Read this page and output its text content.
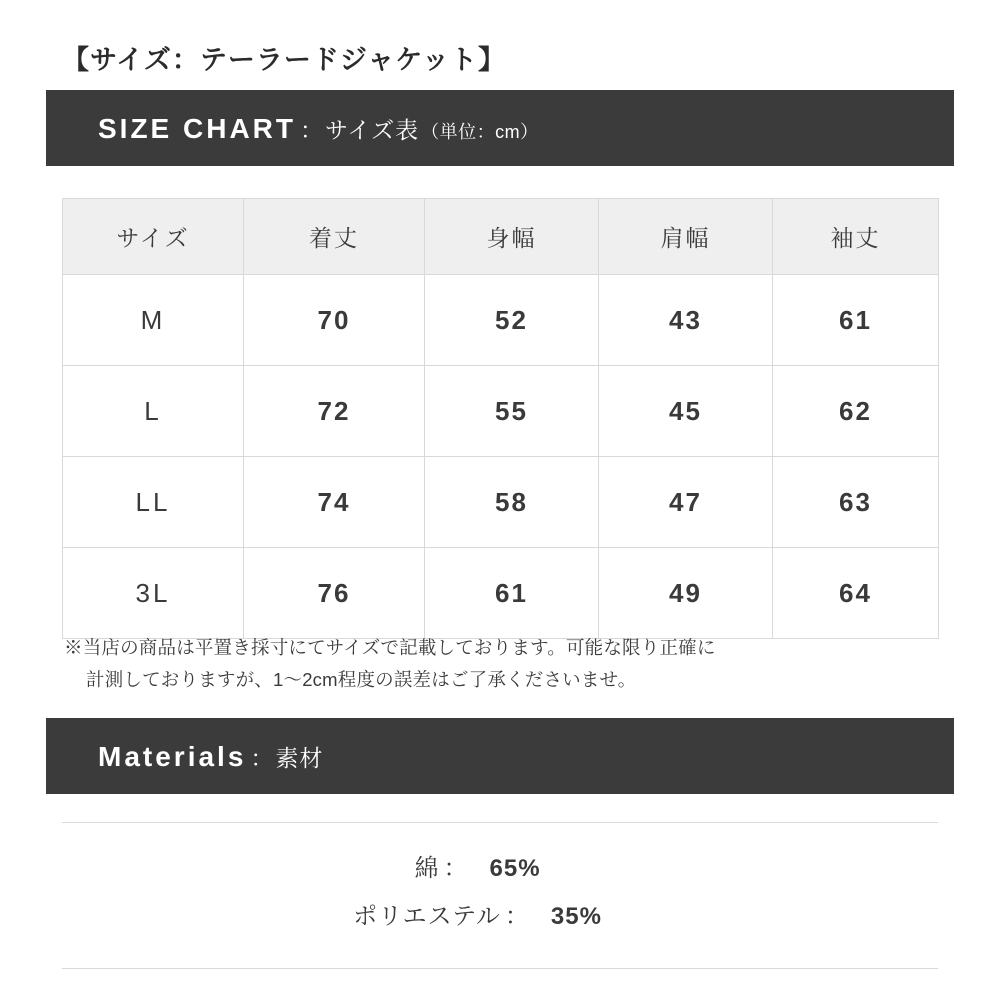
【サイズ：テーラードジャケット】
SIZE CHART ： サイズ表 （単位：cm）
サイズ	着丈	身幅	肩幅	袖丈
M	70	52	43	61
L	72	55	45	62
LL	74	58	47	63
3L	76	61	49	64
※当店の商品は平置き採寸にてサイズで記載しております。可能な限り正確に
計測しておりますが、1〜2cm程度の誤差はご了承くださいませ。
Materials ： 素材
綿 ： 65%
ポリエステル ： 35%
